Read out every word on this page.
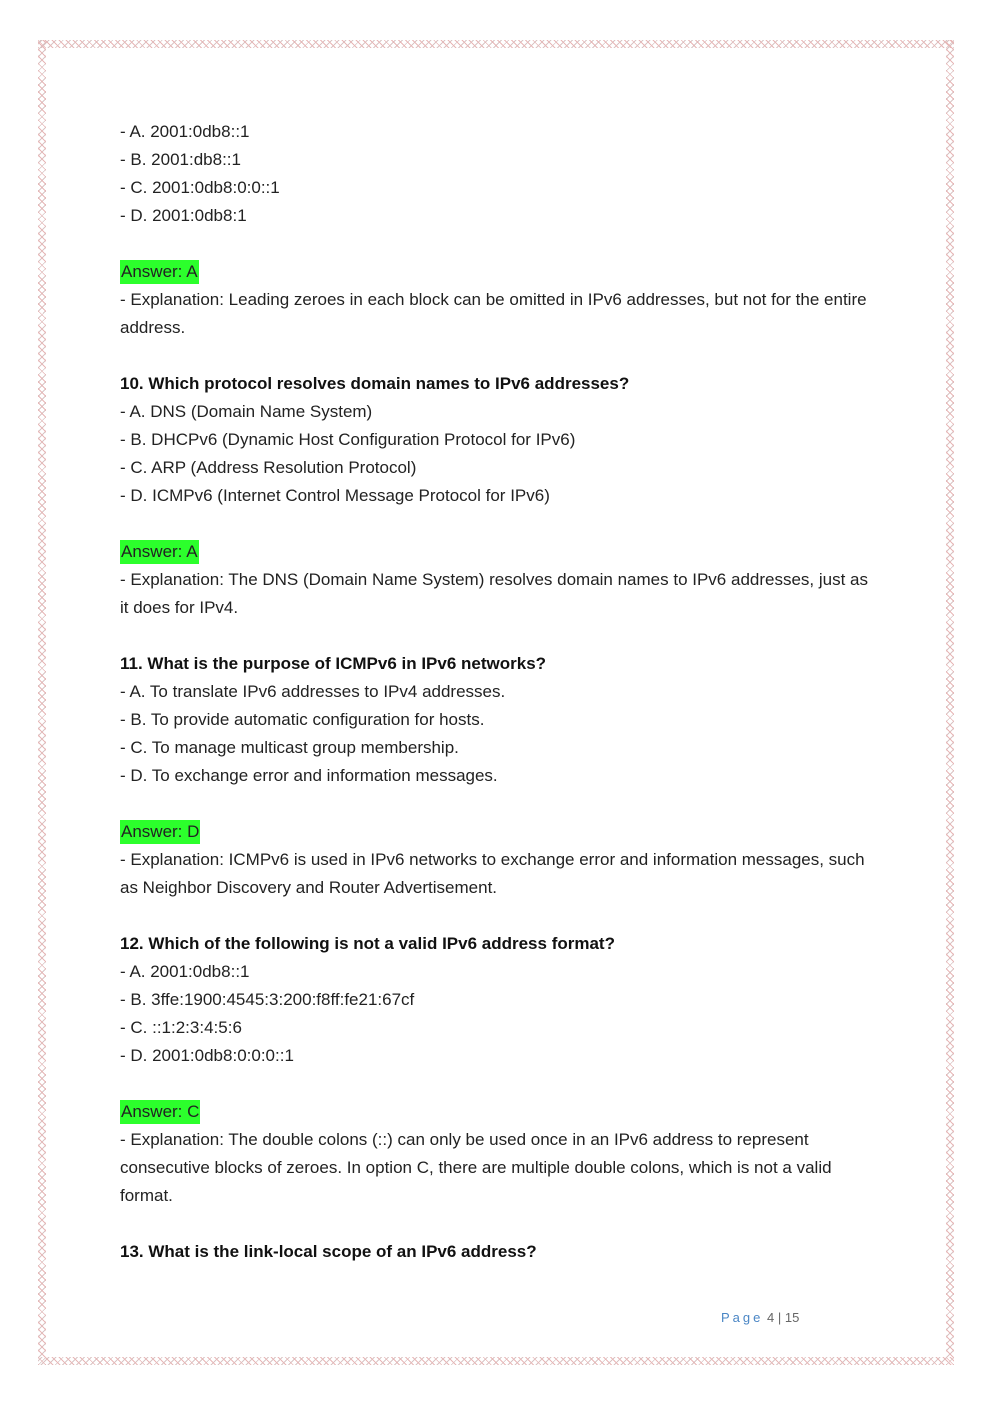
- A. 2001:0db8::1

- B. 2001:db8::1

- C. 2001:0db8:0:0::1

- D. 2001:0db8:1

Answer: A

- Explanation: Leading zeroes in each block can be omitted in IPv6 addresses, but not for the entire address.

10. Which protocol resolves domain names to IPv6 addresses?

- A. DNS (Domain Name System)

- B. DHCPv6 (Dynamic Host Configuration Protocol for IPv6)

- C. ARP (Address Resolution Protocol)

- D. ICMPv6 (Internet Control Message Protocol for IPv6)

Answer: A

- Explanation: The DNS (Domain Name System) resolves domain names to IPv6 addresses, just as it does for IPv4.

11. What is the purpose of ICMPv6 in IPv6 networks?

- A. To translate IPv6 addresses to IPv4 addresses.

- B. To provide automatic configuration for hosts.

- C. To manage multicast group membership.

- D. To exchange error and information messages.

Answer: D

- Explanation: ICMPv6 is used in IPv6 networks to exchange error and information messages, such as Neighbor Discovery and Router Advertisement.

12. Which of the following is not a valid IPv6 address format?

- A. 2001:0db8::1

- B. 3ffe:1900:4545:3:200:f8ff:fe21:67cf

- C. ::1:2:3:4:5:6

- D. 2001:0db8:0:0:0::1

Answer: C

- Explanation: The double colons (::) can only be used once in an IPv6 address to represent consecutive blocks of zeroes. In option C, there are multiple double colons, which is not a valid format.

13. What is the link-local scope of an IPv6 address?

Page 4 | 15
